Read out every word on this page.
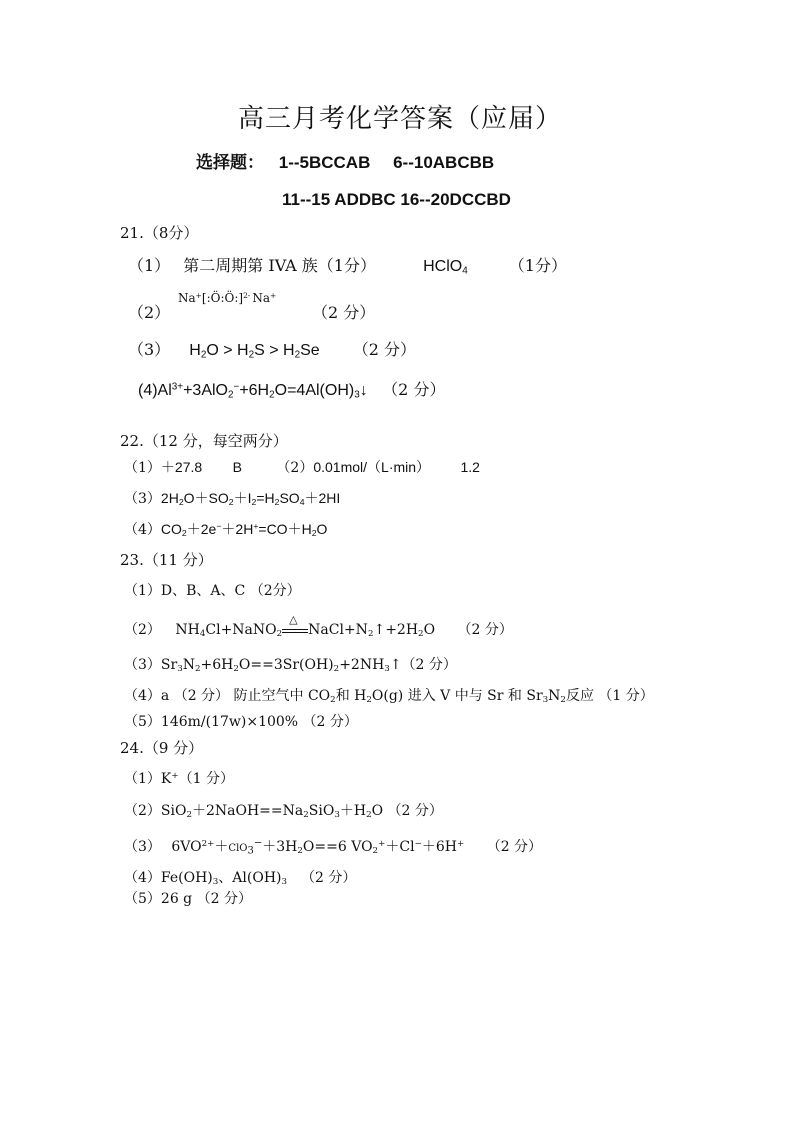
高三月考化学答案（应届）
选择题： 1--5BCCAB 6--10ABCBB
11--15 ADDBC 16--20DCCBD
21.（8分）
（1） 第二周期第 IVA 族（1分）	HClO$_4$	（1分）
（2）
Na+[:Ö:Ö:]$^{2-}$ Na+
（2 分）
（3） $H_2O > H_2S > H_2Se$ （2 分）
$(4)Al^{3+}+3AlO_2^-+6H_2O=4Al(OH)_3↓$ （2 分）
22.（12 分，每空两分）
（1）＋27.8 B （2）0.01mol/（L·min） 1.2
$(3)2H_2O+SO_2+I_2=H_2SO_4+2HI$
$(4)CO_2+2e^-+2H^+=CO+H_2O$
23.（11 分）
（1）D、B、A、C （2分）
（2） $NH_4Cl+NaNO_2$
△
$NaCl+N_2↑+2H_2O$ （2 分）
$(3)Sr_3N_2+6H_2O==3Sr(OH)_2+2NH_3↑(2$ 分）
（4）a （2 分） 防止空气中 $CO_2$和 $H_2O(g)$ 进入 V 中与 Sr 和 $Sr_3N_2$反应 （1 分）
（5）146m/(17w)×100% （2 分）
24.（9 分）
（1）K+（1 分）
$(2)SiO_2+2NaOH==Na_2SiO_3+H_2O$ （2 分）
（3） $6VO^{2+}+ClO_3^-+3H_2O==6$ $VO_2^++Cl^-+6H^+$ （2 分）
$(4)Fe(OH)_3$、$Al(OH)_3$ （2 分）
（5）26 g （2 分）
